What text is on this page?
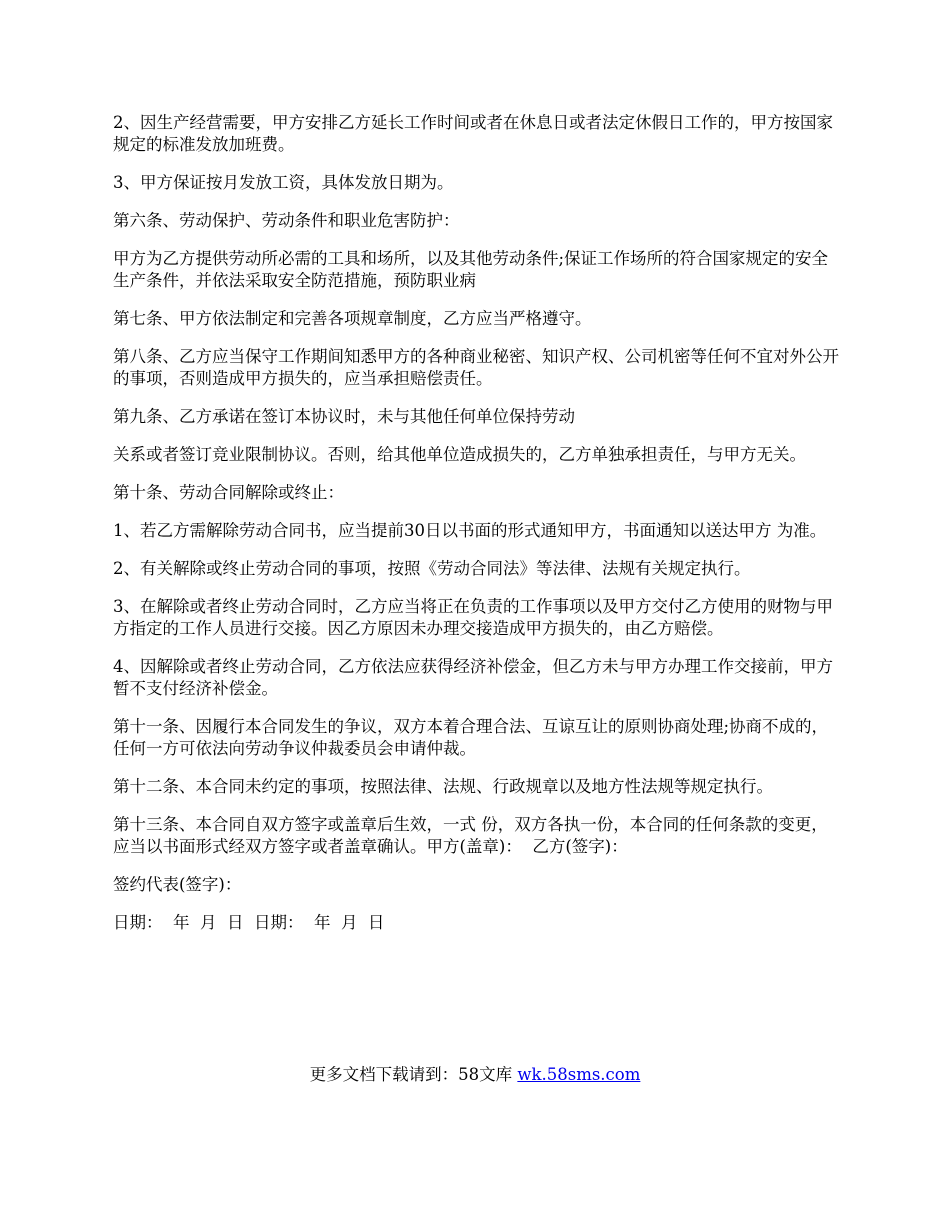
2、因生产经营需要，甲方安排乙方延长工作时间或者在休息日或者法定休假日工作的，甲方按国家规定的标准发放加班费。

3、甲方保证按月发放工资，具体发放日期为。

第六条、劳动保护、劳动条件和职业危害防护：

甲方为乙方提供劳动所必需的工具和场所，以及其他劳动条件;保证工作场所的符合国家规定的安全生产条件，并依法采取安全防范措施，预防职业病

第七条、甲方依法制定和完善各项规章制度，乙方应当严格遵守。

第八条、乙方应当保守工作期间知悉甲方的各种商业秘密、知识产权、公司机密等任何不宜对外公开的事项，否则造成甲方损失的，应当承担赔偿责任。

第九条、乙方承诺在签订本协议时，未与其他任何单位保持劳动

关系或者签订竞业限制协议。否则，给其他单位造成损失的，乙方单独承担责任，与甲方无关。

第十条、劳动合同解除或终止：

1、若乙方需解除劳动合同书，应当提前30日以书面的形式通知甲方，书面通知以送达甲方 为准。

2、有关解除或终止劳动合同的事项，按照《劳动合同法》等法律、法规有关规定执行。

3、在解除或者终止劳动合同时，乙方应当将正在负责的工作事项以及甲方交付乙方使用的财物与甲方指定的工作人员进行交接。因乙方原因未办理交接造成甲方损失的，由乙方赔偿。

4、因解除或者终止劳动合同，乙方依法应获得经济补偿金，但乙方未与甲方办理工作交接前，甲方暂不支付经济补偿金。

第十一条、因履行本合同发生的争议，双方本着合理合法、互谅互让的原则协商处理;协商不成的，任何一方可依法向劳动争议仲裁委员会申请仲裁。

第十二条、本合同未约定的事项，按照法律、法规、行政规章以及地方性法规等规定执行。

第十三条、本合同自双方签字或盖章后生效，一式 份，双方各执一份，本合同的任何条款的变更，应当以书面形式经双方签字或者盖章确认。甲方(盖章)：  乙方(签字)：

签约代表(签字)：

日期：  年  月  日  日期：  年  月  日

更多文档下载请到：58文库 wk.58sms.com
